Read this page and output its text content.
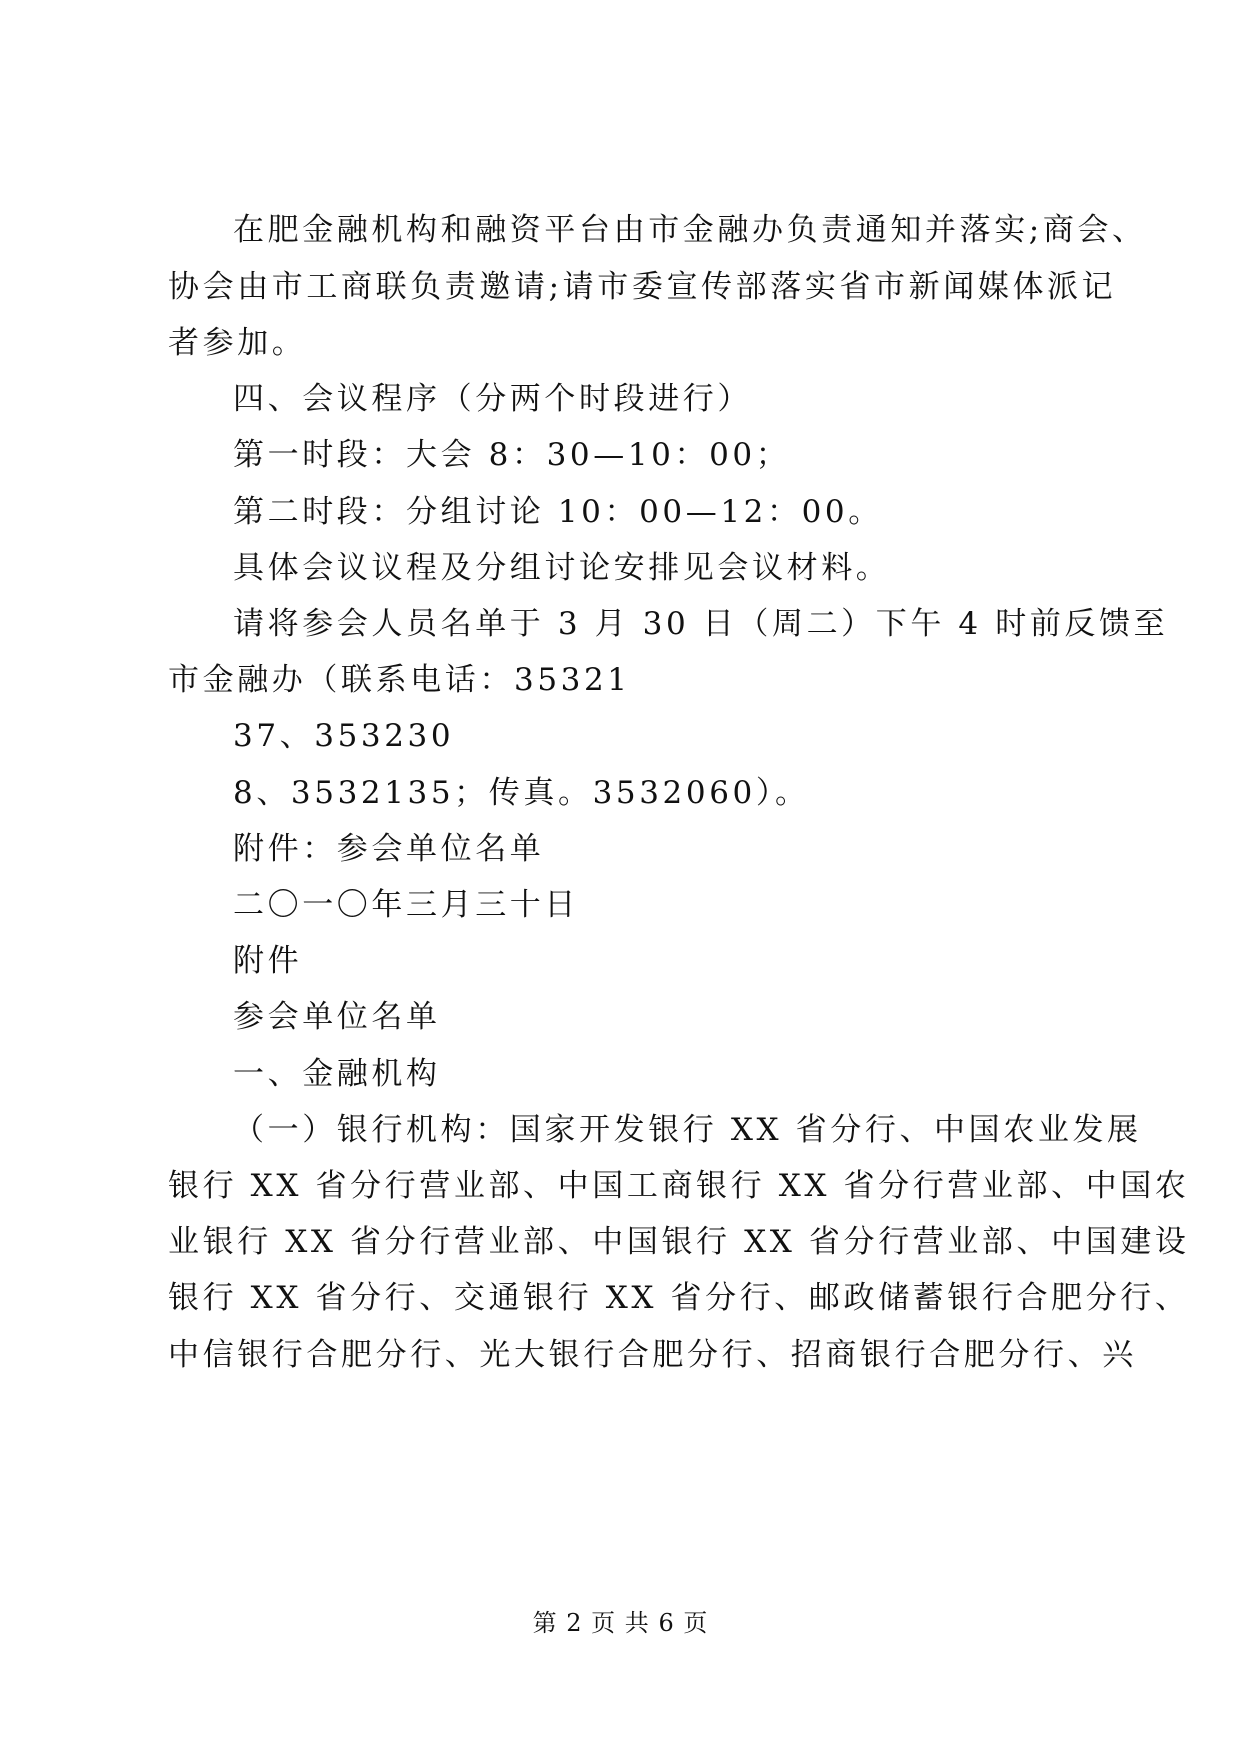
在肥金融机构和融资平台由市金融办负责通知并落实;商会、
协会由市工商联负责邀请;请市委宣传部落实省市新闻媒体派记
者参加。
四、会议程序（分两个时段进行）
第一时段：大会 8：30—10：00；
第二时段：分组讨论 10：00—12：00。
具体会议议程及分组讨论安排见会议材料。
请将参会人员名单于 3 月 30 日（周二）下午 4 时前反馈至
市金融办（联系电话：35321
37、353230
8、3532135；传真。3532060）。
附件：参会单位名单
二〇一〇年三月三十日
附件
参会单位名单
一、金融机构
（一）银行机构：国家开发银行 XX 省分行、中国农业发展
银行 XX 省分行营业部、中国工商银行 XX 省分行营业部、中国农
业银行 XX 省分行营业部、中国银行 XX 省分行营业部、中国建设
银行 XX 省分行、交通银行 XX 省分行、邮政储蓄银行合肥分行、
中信银行合肥分行、光大银行合肥分行、招商银行合肥分行、兴
第 2 页 共 6 页
